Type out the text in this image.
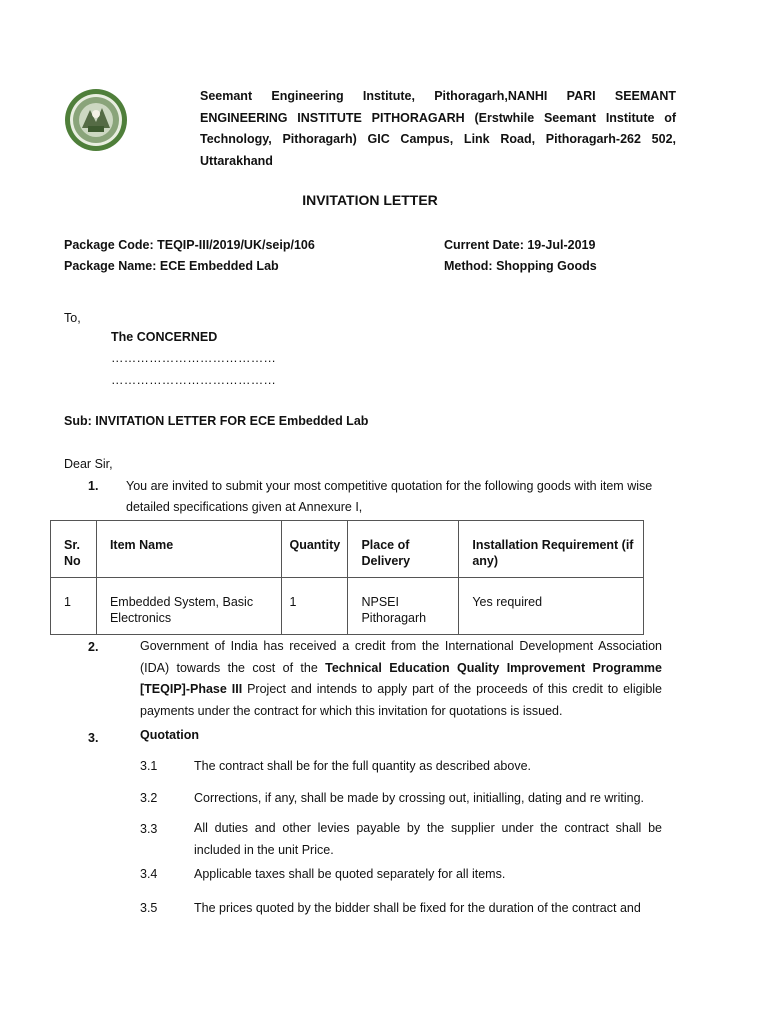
Seemant Engineering Institute, Pithoragarh,NANHI PARI SEEMANT ENGINEERING INSTITUTE PITHORAGARH (Erstwhile Seemant Institute of Technology, Pithoragarh) GIC Campus, Link Road, Pithoragarh-262 502, Uttarakhand
INVITATION LETTER
Package Code: TEQIP-III/2019/UK/seip/106	Current Date: 19-Jul-2019
Package Name: ECE Embedded Lab	Method: Shopping Goods
To,
The CONCERNED
…………………………………
…………………………………
Sub: INVITATION LETTER FOR ECE Embedded Lab
Dear Sir,
1. You are invited to submit your most competitive quotation for the following goods with item wise
detailed specifications given at Annexure I,
Sr. No	Item Name	Quantity	Place of Delivery	Installation Requirement (if any)
1	Embedded System, Basic Electronics	1	NPSEI Pithoragarh	Yes required
2.	Government of India has received a credit from the International Development Association (IDA) towards the cost of the Technical Education Quality Improvement Programme [TEQIP]-Phase III Project and intends to apply part of the proceeds of this credit to eligible payments under the contract for which this invitation for quotations is issued.
3.	Quotation
3.1	The contract shall be for the full quantity as described above.
3.2	Corrections, if any, shall be made by crossing out, initialling, dating and re writing.
3.3	All duties and other levies payable by the supplier under the contract shall be included in the unit Price.
3.4	Applicable taxes shall be quoted separately for all items.
3.5	The prices quoted by the bidder shall be fixed for the duration of the contract and
